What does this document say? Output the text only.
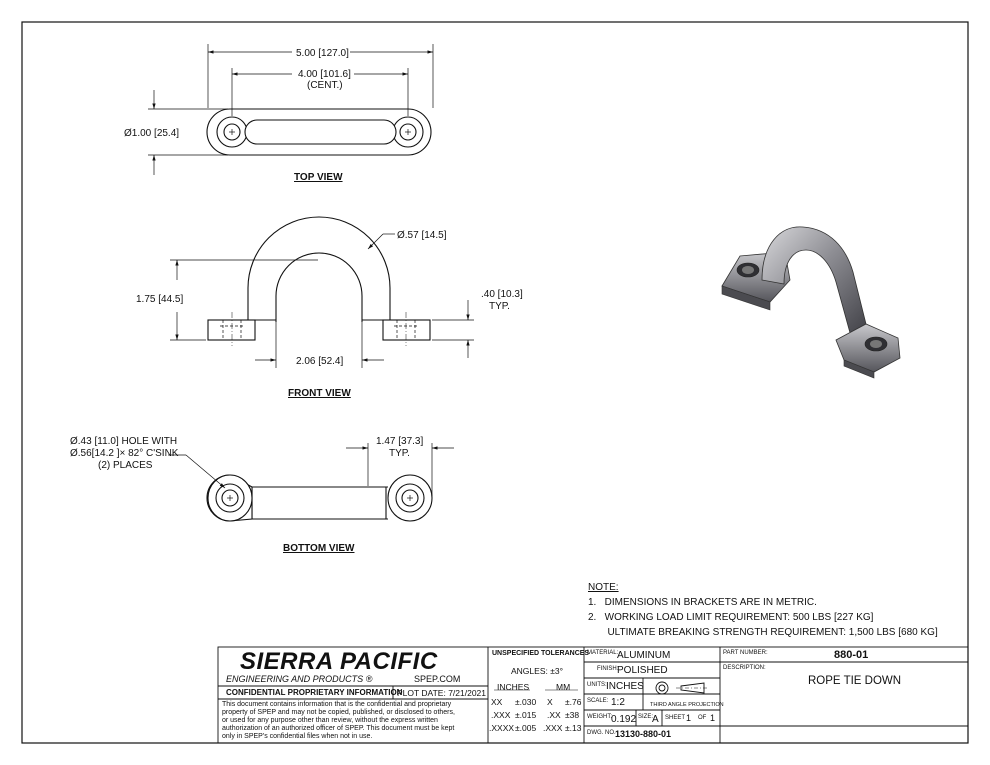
5.00 [127.0]
4.00 [101.6]
(CENT.)
Ø1.00 [25.4]
TOP VIEW
Ø.57 [14.5]
1.75 [44.5]
2.06 [52.4]
.40 [10.3]
TYP.
FRONT VIEW
Ø.43 [11.0] HOLE WITH
Ø.56[14.2 ]× 82° C'SINK
(2) PLACES
1.47 [37.3]
TYP.
BOTTOM VIEW
NOTE:
1.   DIMENSIONS IN BRACKETS ARE IN METRIC.
2.   WORKING LOAD LIMIT REQUIREMENT: 500 LBS [227 KG]
ULTIMATE BREAKING STRENGTH REQUIREMENT: 1,500 LBS [680 KG]
SIERRA PACIFIC
ENGINEERING AND PRODUCTS ®	SPEP.COM
CONFIDENTIAL PROPRIETARY INFORMATION
PLOT DATE: 7/21/2021
This document contains information that is the confidential and proprietary
property of SPEP and may not be copied, published, or disclosed to others,
or used for any purpose other than review, without the express written
authorization of an authorized officer of SPEP. This document must be kept
only in SPEP's confidential files when not in use.
UNSPECIFIED TOLERANCES
ANGLES: ±3°
INCHES	MM
XX ±.030 X ±.76
.XXX ±.015 .XX ±38
.XXXX ±.005 .XXX ±.13
MATERIAL:
ALUMINUM
FINISH:
POLISHED
UNITS: INCHES
SCALE: 1:2	THIRD ANGLE PROJECTION
WEIGHT: 0.192 SIZE:
A SHEET 1 OF 1
DWG. NO. 13130-880-01
PART NUMBER:	880-01
DESCRIPTION:
ROPE TIE DOWN
